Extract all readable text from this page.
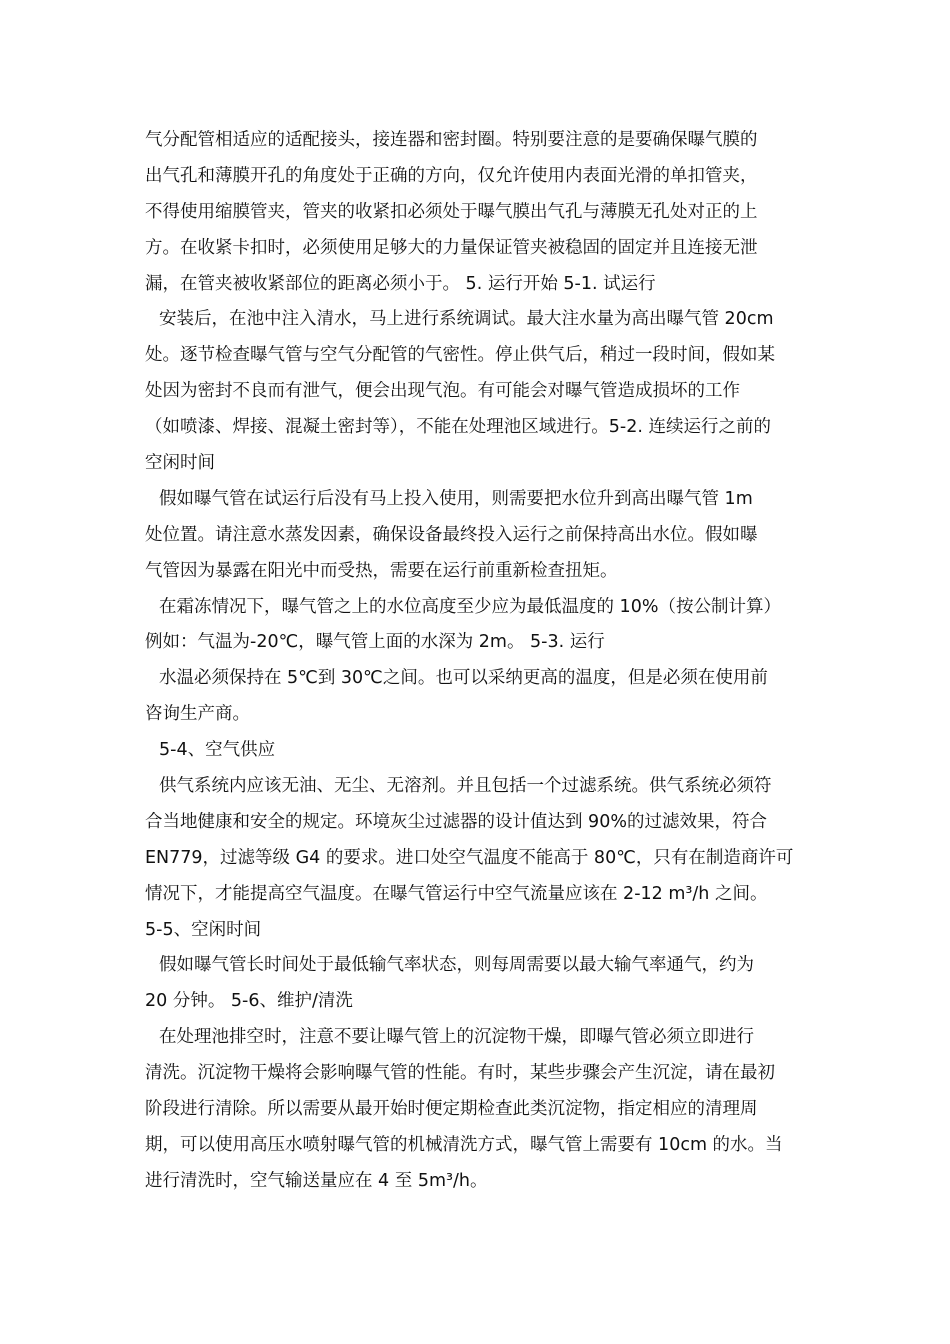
气分配管相适应的适配接头，接连器和密封圈。特别要注意的是要确保曝气膜的
出气孔和薄膜开孔的角度处于正确的方向，仅允许使用内表面光滑的单扣管夹，
不得使用缩膜管夹，管夹的收紧扣必须处于曝气膜出气孔与薄膜无孔处对正的上
方。在收紧卡扣时，必须使用足够大的力量保证管夹被稳固的固定并且连接无泄
漏，在管夹被收紧部位的距离必须小于。 5. 运行开始 5-1. 试运行
安装后，在池中注入清水，马上进行系统调试。最大注水量为高出曝气管 20cm
处。逐节检查曝气管与空气分配管的气密性。停止供气后，稍过一段时间，假如某
处因为密封不良而有泄气，便会出现气泡。有可能会对曝气管造成损坏的工作
（如喷漆、焊接、混凝土密封等），不能在处理池区域进行。5-2. 连续运行之前的
空闲时间
假如曝气管在试运行后没有马上投入使用，则需要把水位升到高出曝气管 1m
处位置。请注意水蒸发因素，确保设备最终投入运行之前保持高出水位。假如曝
气管因为暴露在阳光中而受热，需要在运行前重新检查扭矩。
在霜冻情况下，曝气管之上的水位高度至少应为最低温度的 10%（按公制计算）
例如：气温为-20℃，曝气管上面的水深为 2m。 5-3. 运行
水温必须保持在 5℃到 30℃之间。也可以采纳更高的温度，但是必须在使用前
咨询生产商。
5-4、空气供应
供气系统内应该无油、无尘、无溶剂。并且包括一个过滤系统。供气系统必须符
合当地健康和安全的规定。环境灰尘过滤器的设计值达到 90%的过滤效果，符合
EN779，过滤等级 G4 的要求。进口处空气温度不能高于 80℃，只有在制造商许可
情况下，才能提高空气温度。在曝气管运行中空气流量应该在 2-12 m³/h 之间。
5-5、空闲时间
假如曝气管长时间处于最低输气率状态，则每周需要以最大输气率通气，约为
20 分钟。 5-6、维护/清洗
在处理池排空时，注意不要让曝气管上的沉淀物干燥，即曝气管必须立即进行
清洗。沉淀物干燥将会影响曝气管的性能。有时，某些步骤会产生沉淀，请在最初
阶段进行清除。所以需要从最开始时便定期检查此类沉淀物，指定相应的清理周
期，可以使用高压水喷射曝气管的机械清洗方式，曝气管上需要有 10cm 的水。当
进行清洗时，空气输送量应在 4 至 5m³/h。
